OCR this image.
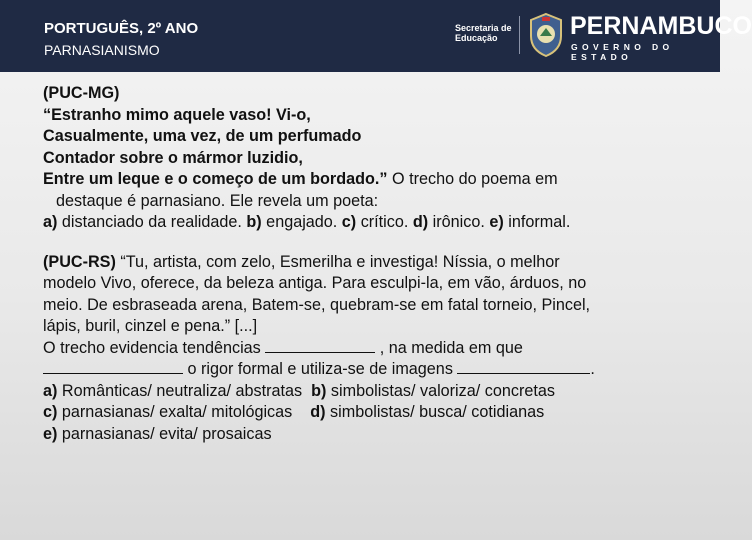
PORTUGUÊS, 2º ANO
PARNASIANISMO
Secretaria de
Educação	PERNAMBUCO
GOVERNO DO ESTADO

(PUC-MG)

“Estranho mimo aquele vaso! Vi-o,

Casualmente, uma vez, de um perfumado

Contador sobre o mármor luzidio,

Entre um leque e o começo de um bordado.” O trecho do poema em

destaque é parnasiano. Ele revela um poeta:

a) distanciado da realidade. b) engajado. c) crítico. d) irônico. e) informal.

(PUC-RS) “Tu, artista, com zelo, Esmerilha e investiga! Níssia, o melhor

modelo Vivo, oferece, da beleza antiga. Para esculpi-la, em vão, árduos, no

meio. De esbraseada arena, Batem-se, quebram-se em fatal torneio, Pincel,

lápis, buril, cinzel e pena.” [...]

O trecho evidencia tendências	, na medida em que

o rigor formal e utiliza-se de imagens	.

a) Românticas/ neutraliza/ abstratas b) simbolistas/ valoriza/ concretas

c) parnasianas/ exalta/ mitológicas d) simbolistas/ busca/ cotidianas

e) parnasianas/ evita/ prosaicas
